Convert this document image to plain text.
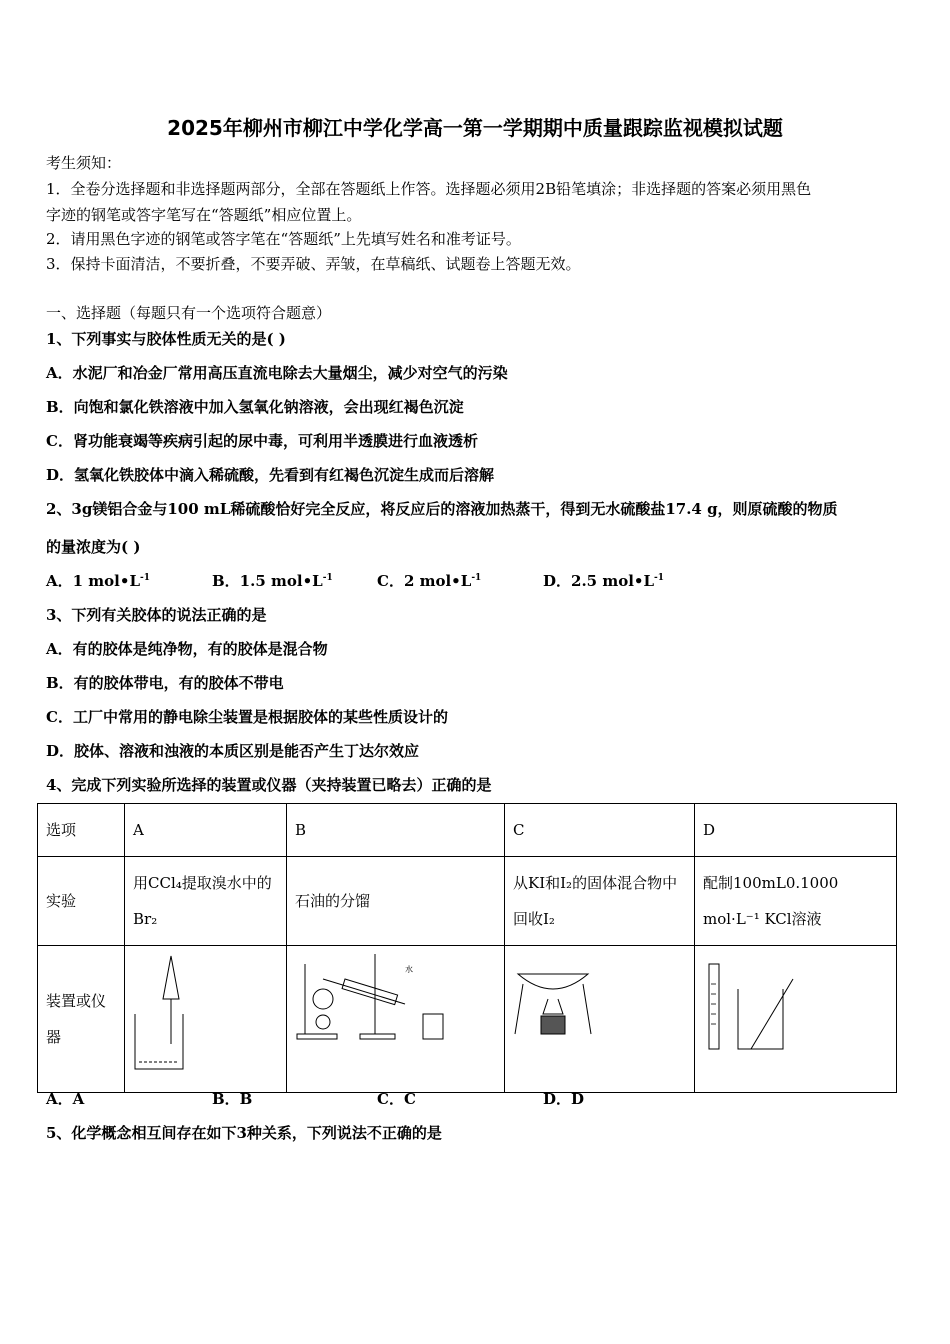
2025年柳州市柳江中学化学高一第一学期期中质量跟踪监视模拟试题
考生须知：
1．全卷分选择题和非选择题两部分，全部在答题纸上作答。选择题必须用2B铅笔填涂；非选择题的答案必须用黑色
字迹的钢笔或答字笔写在“答题纸”相应位置上。
2．请用黑色字迹的钢笔或答字笔在“答题纸”上先填写姓名和准考证号。
3．保持卡面清洁，不要折叠，不要弄破、弄皱，在草稿纸、试题卷上答题无效。
一、选择题（每题只有一个选项符合题意）
1、下列事实与胶体性质无关的是( )
A．水泥厂和冶金厂常用高压直流电除去大量烟尘，减少对空气的污染
B．向饱和氯化铁溶液中加入氢氧化钠溶液，会出现红褐色沉淀
C．肾功能衰竭等疾病引起的尿中毒，可利用半透膜进行血液透析
D．氢氧化铁胶体中滴入稀硫酸，先看到有红褐色沉淀生成而后溶解
2、3g镁铝合金与100 mL稀硫酸恰好完全反应，将反应后的溶液加热蒸干，得到无水硫酸盐17.4 g，则原硫酸的物质
的量浓度为( )
A．1 $mol•L^{-1}$	B．1.5 $mol•L^{-1}$	C．2 $mol•L^{-1}$	D．2.5 $mol•L^{-1}$
3、下列有关胶体的说法正确的是
A．有的胶体是纯净物，有的胶体是混合物
B．有的胶体带电，有的胶体不带电
C．工厂中常用的静电除尘装置是根据胶体的某些性质设计的
D．胶体、溶液和浊液的本质区别是能否产生丁达尔效应
4、完成下列实验所选择的装置或仪器（夹持装置已略去）正确的是
选项	A	B	C	D
实验	用CCl₄提取溴水中的Br₂	石油的分馏	从KI和I₂的固体混合物中回收I₂	配制100mL0.1000 mol·L⁻¹ KCl溶液
装置或仪器		水

A．A	B．B	C．C	D．D
5、化学概念相互间存在如下3种关系，下列说法不正确的是
